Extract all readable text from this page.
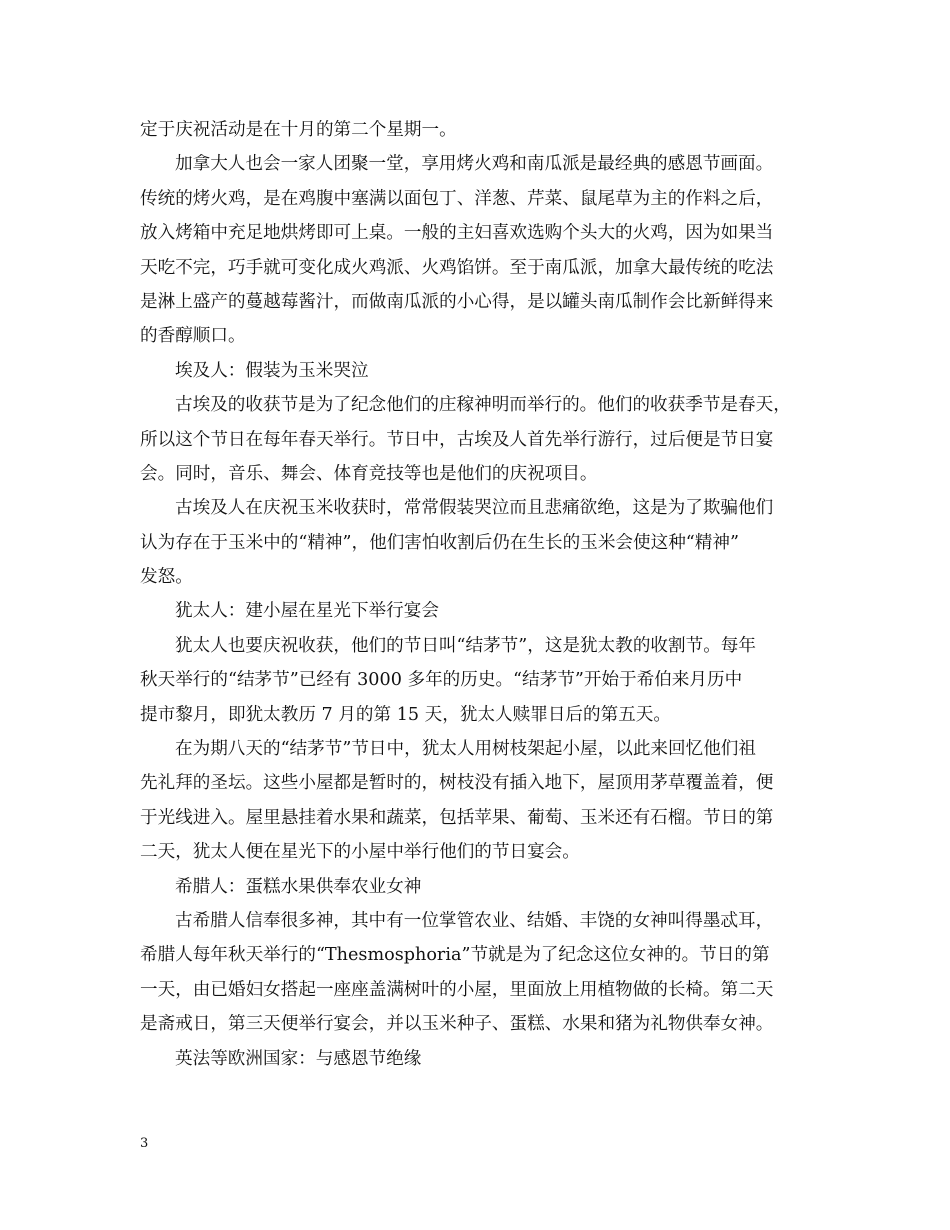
定于庆祝活动是在十月的第二个星期一。
加拿大人也会一家人团聚一堂，享用烤火鸡和南瓜派是最经典的感恩节画面。
传统的烤火鸡，是在鸡腹中塞满以面包丁、洋葱、芹菜、鼠尾草为主的作料之后，
放入烤箱中充足地烘烤即可上桌。一般的主妇喜欢选购个头大的火鸡，因为如果当
天吃不完，巧手就可变化成火鸡派、火鸡馅饼。至于南瓜派，加拿大最传统的吃法
是淋上盛产的蔓越莓酱汁，而做南瓜派的小心得，是以罐头南瓜制作会比新鲜得来
的香醇顺口。
埃及人：假装为玉米哭泣
古埃及的收获节是为了纪念他们的庄稼神明而举行的。他们的收获季节是春天，
所以这个节日在每年春天举行。节日中，古埃及人首先举行游行，过后便是节日宴
会。同时，音乐、舞会、体育竞技等也是他们的庆祝项目。
古埃及人在庆祝玉米收获时，常常假装哭泣而且悲痛欲绝，这是为了欺骗他们
认为存在于玉米中的“精神”，他们害怕收割后仍在生长的玉米会使这种“精神”
发怒。
犹太人：建小屋在星光下举行宴会
犹太人也要庆祝收获，他们的节日叫“结茅节”，这是犹太教的收割节。每年
秋天举行的“结茅节”已经有 3000 多年的历史。“结茅节”开始于希伯来月历中
提市黎月，即犹太教历 7 月的第 15 天，犹太人赎罪日后的第五天。
在为期八天的“结茅节”节日中，犹太人用树枝架起小屋，以此来回忆他们祖
先礼拜的圣坛。这些小屋都是暂时的，树枝没有插入地下，屋顶用茅草覆盖着，便
于光线进入。屋里悬挂着水果和蔬菜，包括苹果、葡萄、玉米还有石榴。节日的第
二天，犹太人便在星光下的小屋中举行他们的节日宴会。
希腊人：蛋糕水果供奉农业女神
古希腊人信奉很多神，其中有一位掌管农业、结婚、丰饶的女神叫得墨忒耳，
希腊人每年秋天举行的“Thesmosphoria”节就是为了纪念这位女神的。节日的第
一天，由已婚妇女搭起一座座盖满树叶的小屋，里面放上用植物做的长椅。第二天
是斋戒日，第三天便举行宴会，并以玉米种子、蛋糕、水果和猪为礼物供奉女神。
英法等欧洲国家：与感恩节绝缘
3
